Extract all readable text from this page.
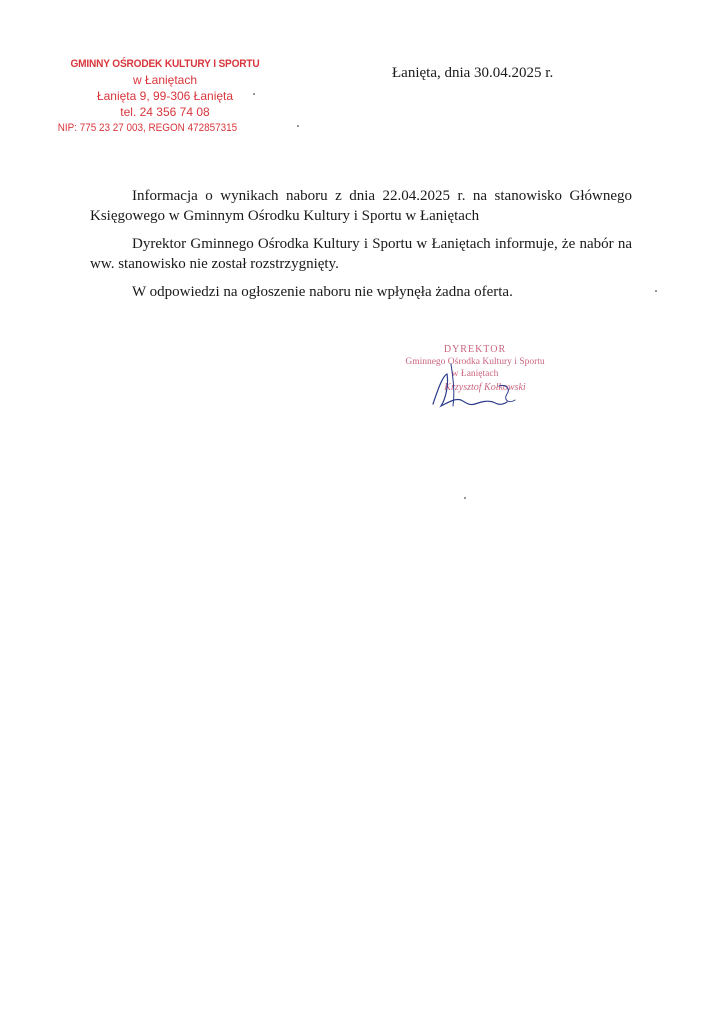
GMINNY OŚRODEK KULTURY I SPORTU
w Łaniętach
Łanięta 9, 99-306 Łanięta
tel. 24 356 74 08
NIP: 775 23 27 003, REGON 472857315
Łanięta, dnia 30.04.2025 r.

Informacja o wynikach naboru z dnia 22.04.2025 r. na stanowisko Głównego Księgowego w Gminnym Ośrodku Kultury i Sportu w Łaniętach

Dyrektor Gminnego Ośrodka Kultury i Sportu w Łaniętach informuje, że nabór na ww. stanowisko nie został rozstrzygnięty.

W odpowiedzi na ogłoszenie naboru nie wpłynęła żadna oferta.

DYREKTOR
Gminnego Ośrodka Kultury i Sportu
w Łaniętach
Krzysztof Kołkowski
